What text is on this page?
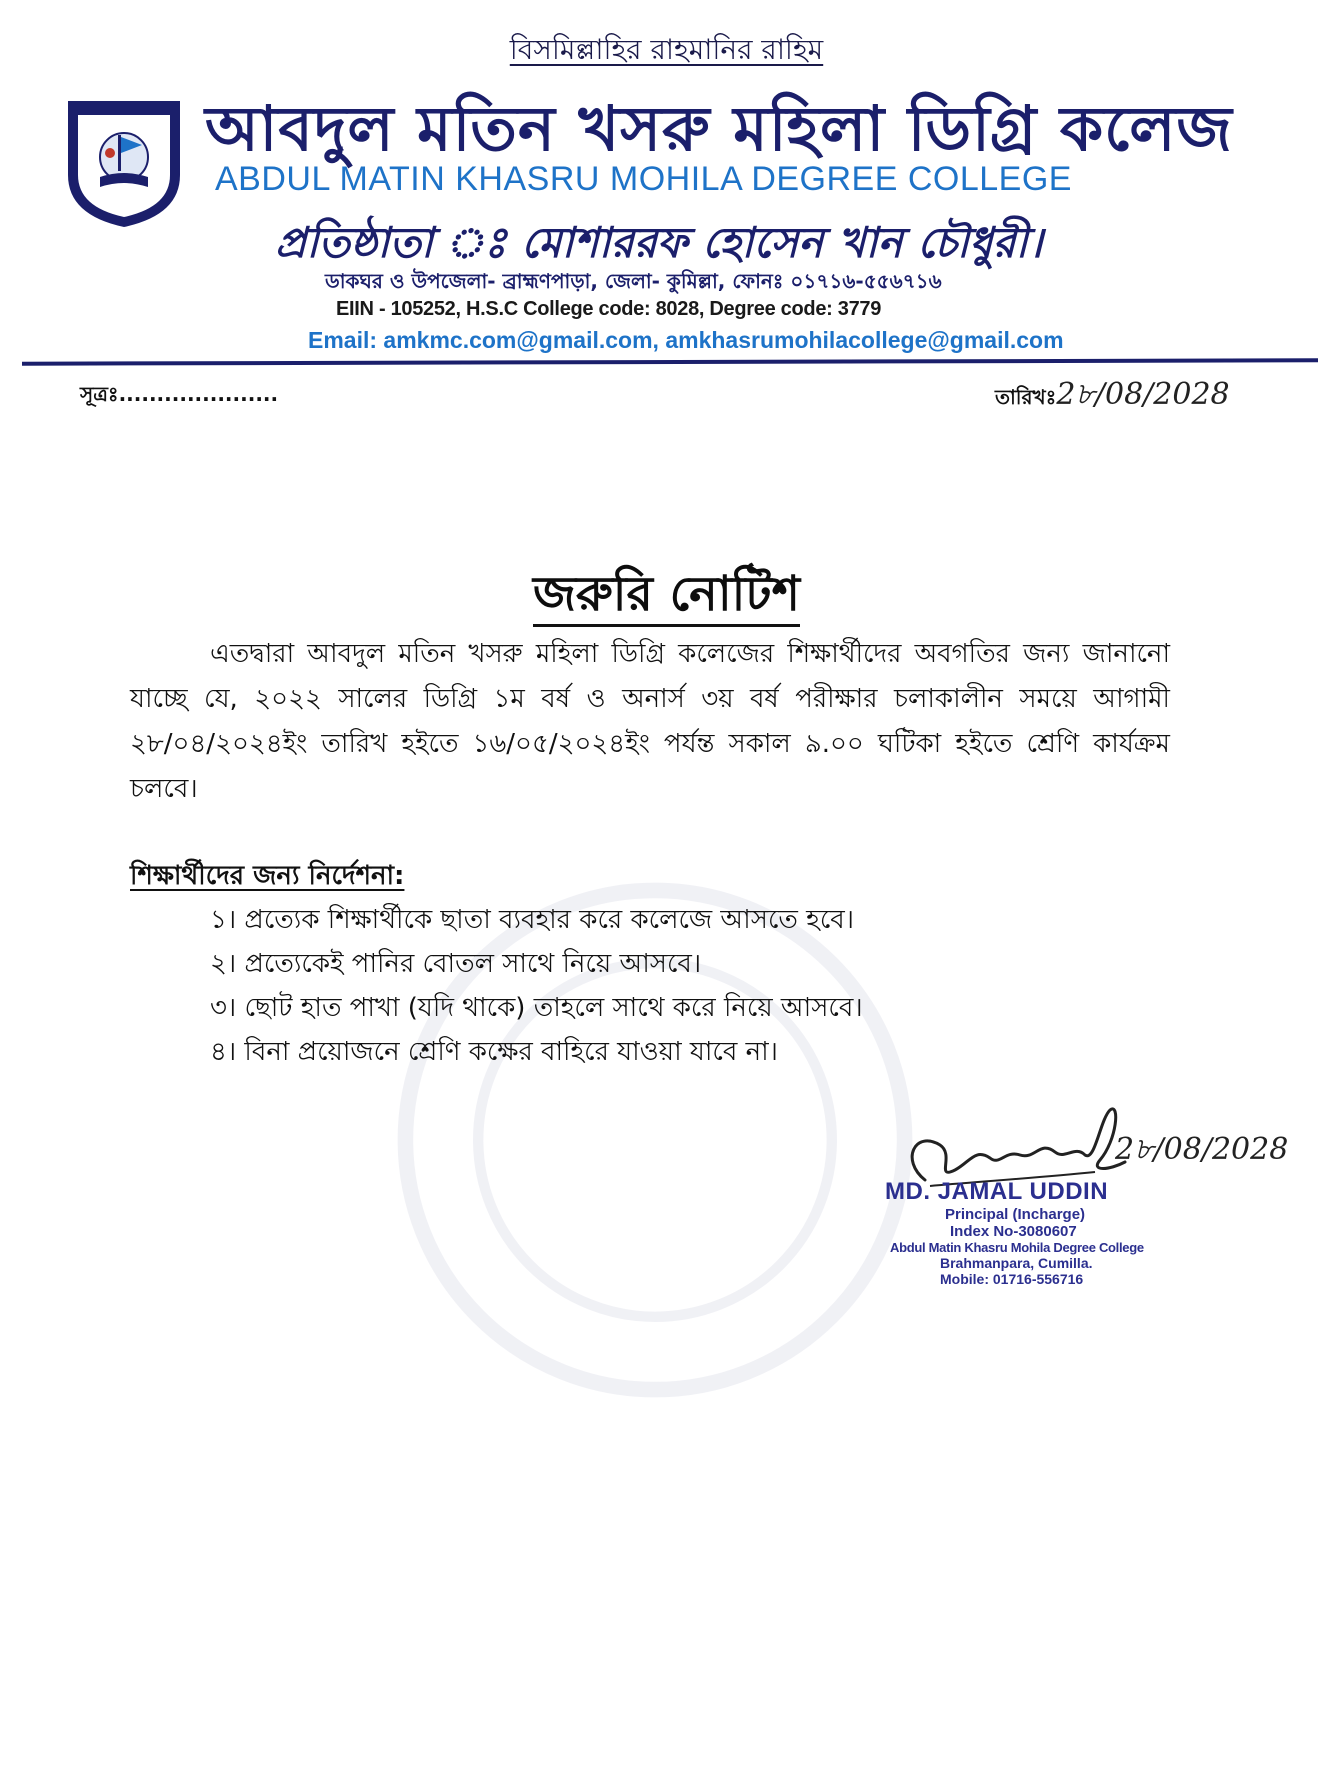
বিসমিল্লাহির রাহমানির রাহিম
আবদুল মতিন খসরু মহিলা ডিগ্রি কলেজ
ABDUL MATIN KHASRU MOHILA DEGREE COLLEGE
প্রতিষ্ঠাতা ঃ মোশাররফ হোসেন খান চৌধুরী।
ডাকঘর ও উপজেলা- ব্রাহ্মণপাড়া, জেলা- কুমিল্লা, ফোনঃ ০১৭১৬-৫৫৬৭১৬
EIIN - 105252, H.S.C College code: 8028, Degree code: 3779
Email: amkmc.com@gmail.com, amkhasrumohilacollege@gmail.com
সূত্রঃ.....................	তারিখঃ2৮/08/2028
জরুরি নোটিশ
এতদ্বারা আবদুল মতিন খসরু মহিলা ডিগ্রি কলেজের শিক্ষার্থীদের অবগতির জন্য জানানো যাচ্ছে যে, ২০২২ সালের ডিগ্রি ১ম বর্ষ ও অনার্স ৩য় বর্ষ পরীক্ষার চলাকালীন সময়ে আগামী ২৮/০৪/২০২৪ইং তারিখ হইতে ১৬/০৫/২০২৪ইং পর্যন্ত সকাল ৯.০০ ঘটিকা হইতে শ্রেণি কার্যক্রম চলবে।
শিক্ষার্থীদের জন্য নির্দেশনা:
১। প্রত্যেক শিক্ষার্থীকে ছাতা ব্যবহার করে কলেজে আসতে হবে।
২। প্রত্যেকেই পানির বোতল সাথে নিয়ে আসবে।
৩। ছোট হাত পাখা (যদি থাকে) তাহলে সাথে করে নিয়ে আসবে।
৪। বিনা প্রয়োজনে শ্রেণি কক্ষের বাহিরে যাওয়া যাবে না।
2৮/08/2028
MD. JAMAL UDDIN
Principal (Incharge)
Index No-3080607
Abdul Matin Khasru Mohila Degree College
Brahmanpara, Cumilla.
Mobile: 01716-556716
